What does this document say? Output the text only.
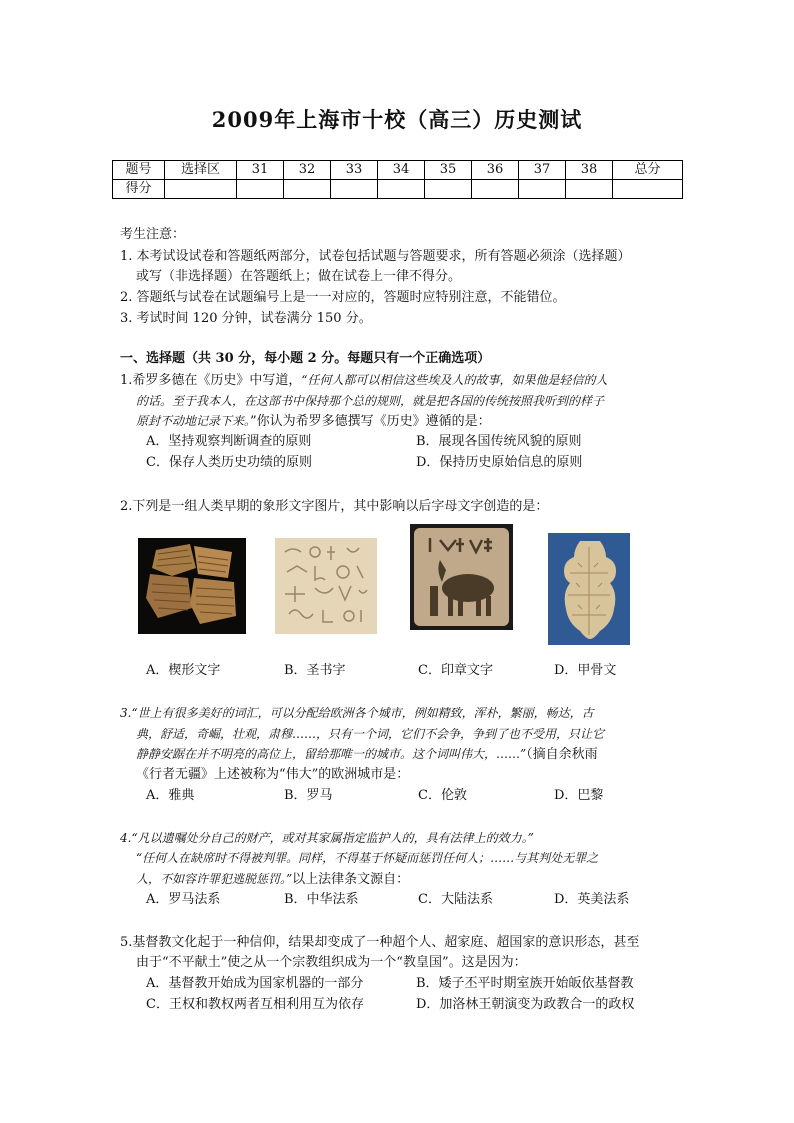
2009年上海市十校（高三）历史测试
题号	选择区	31	32	33	34	35	36	37	38	总分
得分										
考生注意：
1. 本考试设试卷和答题纸两部分，试卷包括试题与答题要求，所有答题必须涂（选择题）
或写（非选择题）在答题纸上；做在试卷上一律不得分。
2. 答题纸与试卷在试题编号上是一一对应的，答题时应特别注意，不能错位。
3. 考试时间 120 分钟，试卷满分 150 分。
一、选择题（共 30 分，每小题 2 分。每题只有一个正确选项）
1.希罗多德在《历史》中写道，“任何人都可以相信这些埃及人的故事，如果他是轻信的人
的话。至于我本人，在这部书中保持那个总的规则，就是把各国的传统按照我听到的样子
原封不动地记录下来。”你认为希罗多德撰写《历史》遵循的是：
A．坚持观察判断调查的原则	B．展现各国传统风貌的原则
C．保存人类历史功绩的原则	D．保持历史原始信息的原则
2.下列是一组人类早期的象形文字图片，其中影响以后字母文字创造的是：
A．楔形文字	B．圣书字	C．印章文字	D．甲骨文
3.“世上有很多美好的词汇，可以分配给欧洲各个城市，例如精致，浑朴，繁丽，畅达，古
典，舒适，奇崛，壮观，肃穆……，只有一个词，它们不会争，争到了也不受用，只让它
静静安踞在并不明亮的高位上，留给那唯一的城市。这个词叫伟大，……”（摘自余秋雨
《行者无疆》上述被称为“伟大”的欧洲城市是：
A．雅典	B．罗马	C．伦敦	D．巴黎
4.“凡以遗嘱处分自己的财产，或对其家属指定监护人的，具有法律上的效力。”
“任何人在缺席时不得被判罪。同样，不得基于怀疑而惩罚任何人；……与其判处无罪之
人，不如容许罪犯逃脱惩罚。”以上法律条文源自：
A．罗马法系	B．中华法系	C．大陆法系	D．英美法系
5.基督教文化起于一种信仰，结果却变成了一种超个人、超家庭、超国家的意识形态，甚至
由于“不平献土”使之从一个宗教组织成为一个“教皇国”。这是因为：
A．基督教开始成为国家机器的一部分	B．矮子丕平时期室族开始皈依基督教
C．王权和教权两者互相利用互为依存	D．加洛林王朝演变为政教合一的政权
